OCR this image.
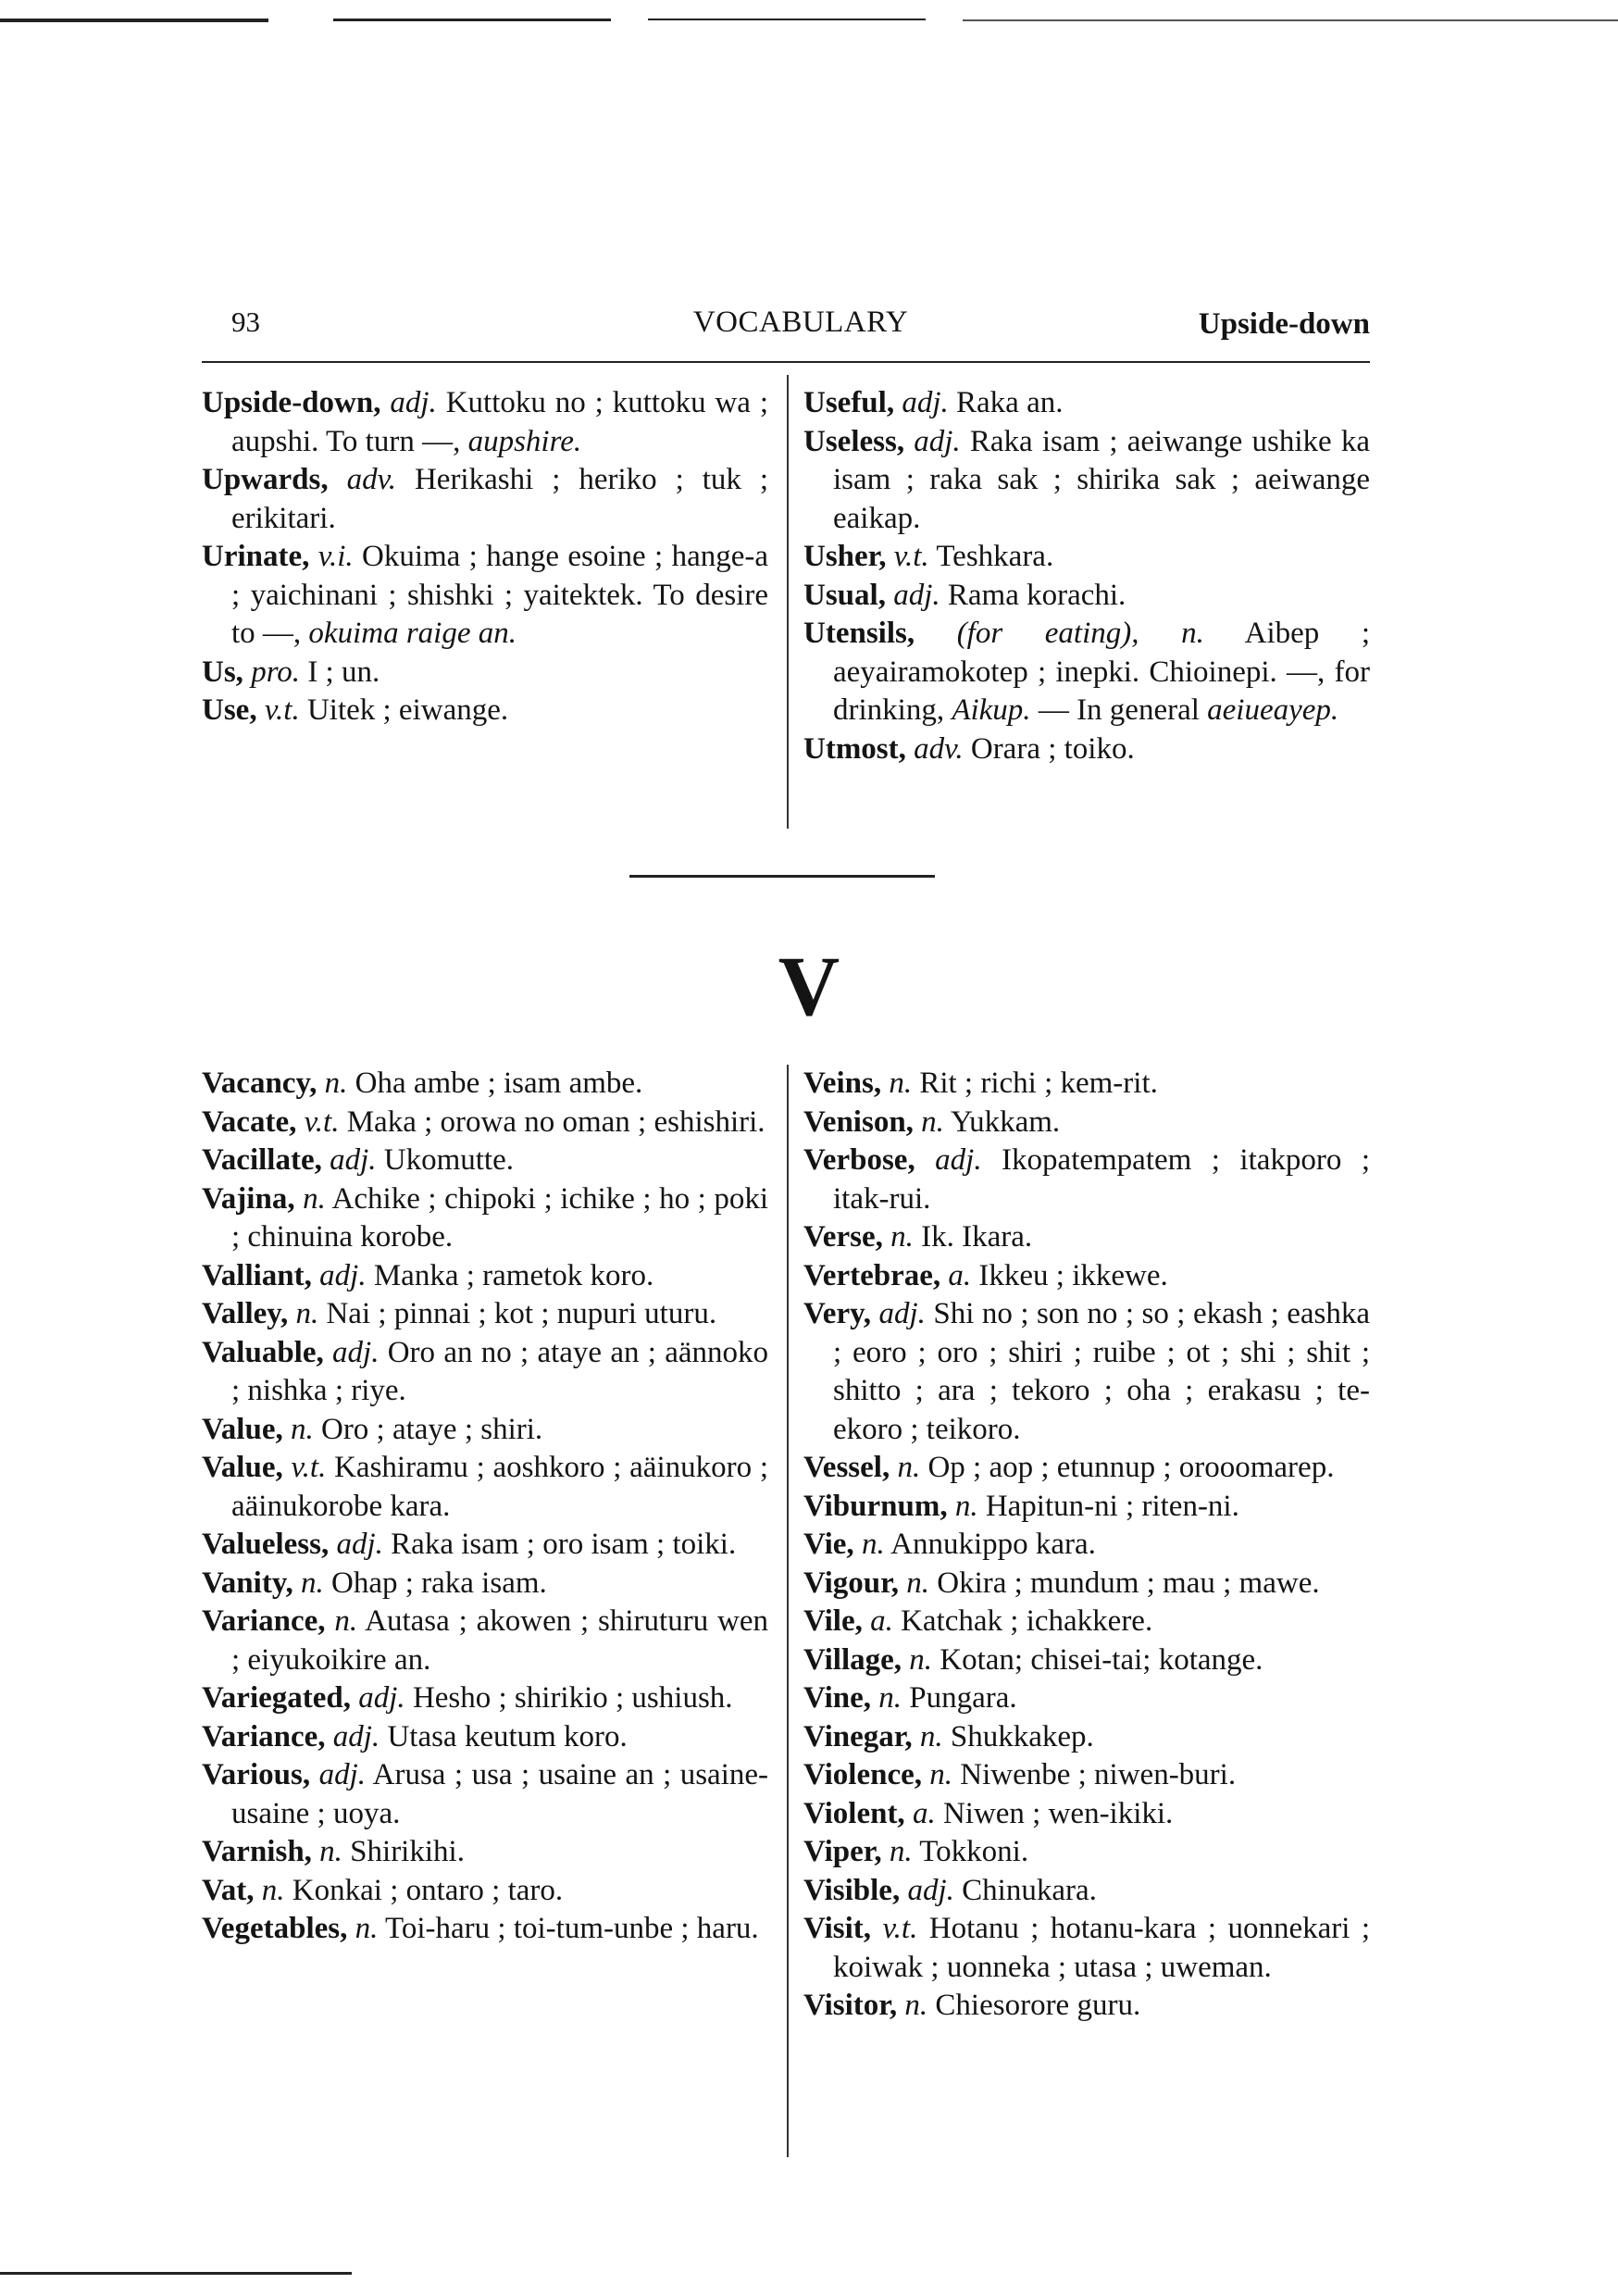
93	VOCABULARY	Upside-down

Upside-down, adj. Kuttoku no ; kuttoku wa ; aupshi. To turn —, aupshire.

Upwards, adv. Herikashi ; heriko ; tuk ; erikitari.

Urinate, v.i. Okuima ; hange esoine ; hange-a ; yaichinani ; shishki ; yaitektek. To desire to —, okuima raige an.

Us, pro. I ; un.

Use, v.t. Uitek ; eiwange.

Useful, adj. Raka an.

Useless, adj. Raka isam ; aeiwange ushike ka isam ; raka sak ; shirika sak ; aeiwange eaikap.

Usher, v.t. Teshkara.

Usual, adj. Rama korachi.

Utensils, (for eating), n. Aibep ; aeyairamokotep ; inepki. Chioinepi. —, for drinking, Aikup. — In general aeiueayep.

Utmost, adv. Orara ; toiko.

V

Vacancy, n. Oha ambe ; isam ambe.

Vacate, v.t. Maka ; orowa no oman ; eshishiri.

Vacillate, adj. Ukomutte.

Vajina, n. Achike ; chipoki ; ichike ; ho ; poki ; chinuina korobe.

Valliant, adj. Manka ; rametok koro.

Valley, n. Nai ; pinnai ; kot ; nupuri uturu.

Valuable, adj. Oro an no ; ataye an ; aännoko ; nishka ; riye.

Value, n. Oro ; ataye ; shiri.

Value, v.t. Kashiramu ; aoshkoro ; aäinukoro ; aäinukorobe kara.

Valueless, adj. Raka isam ; oro isam ; toiki.

Vanity, n. Ohap ; raka isam.

Variance, n. Autasa ; akowen ; shiruturu wen ; eiyukoikire an.

Variegated, adj. Hesho ; shirikio ; ushiush.

Variance, adj. Utasa keutum koro.

Various, adj. Arusa ; usa ; usaine an ; usaine-usaine ; uoya.

Varnish, n. Shirikihi.

Vat, n. Konkai ; ontaro ; taro.

Vegetables, n. Toi-haru ; toi-tum-unbe ; haru.

Veins, n. Rit ; richi ; kem-rit.

Venison, n. Yukkam.

Verbose, adj. Ikopatempatem ; itakporo ; itak-rui.

Verse, n. Ik. Ikara.

Vertebrae, a. Ikkeu ; ikkewe.

Very, adj. Shi no ; son no ; so ; ekash ; eashka ; eoro ; oro ; shiri ; ruibe ; ot ; shi ; shit ; shitto ; ara ; tekoro ; oha ; erakasu ; te-ekoro ; teikoro.

Vessel, n. Op ; aop ; etunnup ; orooomarep.

Viburnum, n. Hapitun-ni ; riten-ni.

Vie, n. Annukippo kara.

Vigour, n. Okira ; mundum ; mau ; mawe.

Vile, a. Katchak ; ichakkere.

Village, n. Kotan; chisei-tai; kotange.

Vine, n. Pungara.

Vinegar, n. Shukkakep.

Violence, n. Niwenbe ; niwen-buri.

Violent, a. Niwen ; wen-ikiki.

Viper, n. Tokkoni.

Visible, adj. Chinukara.

Visit, v.t. Hotanu ; hotanu-kara ; uonnekari ; koiwak ; uonneka ; utasa ; uweman.

Visitor, n. Chiesorore guru.
